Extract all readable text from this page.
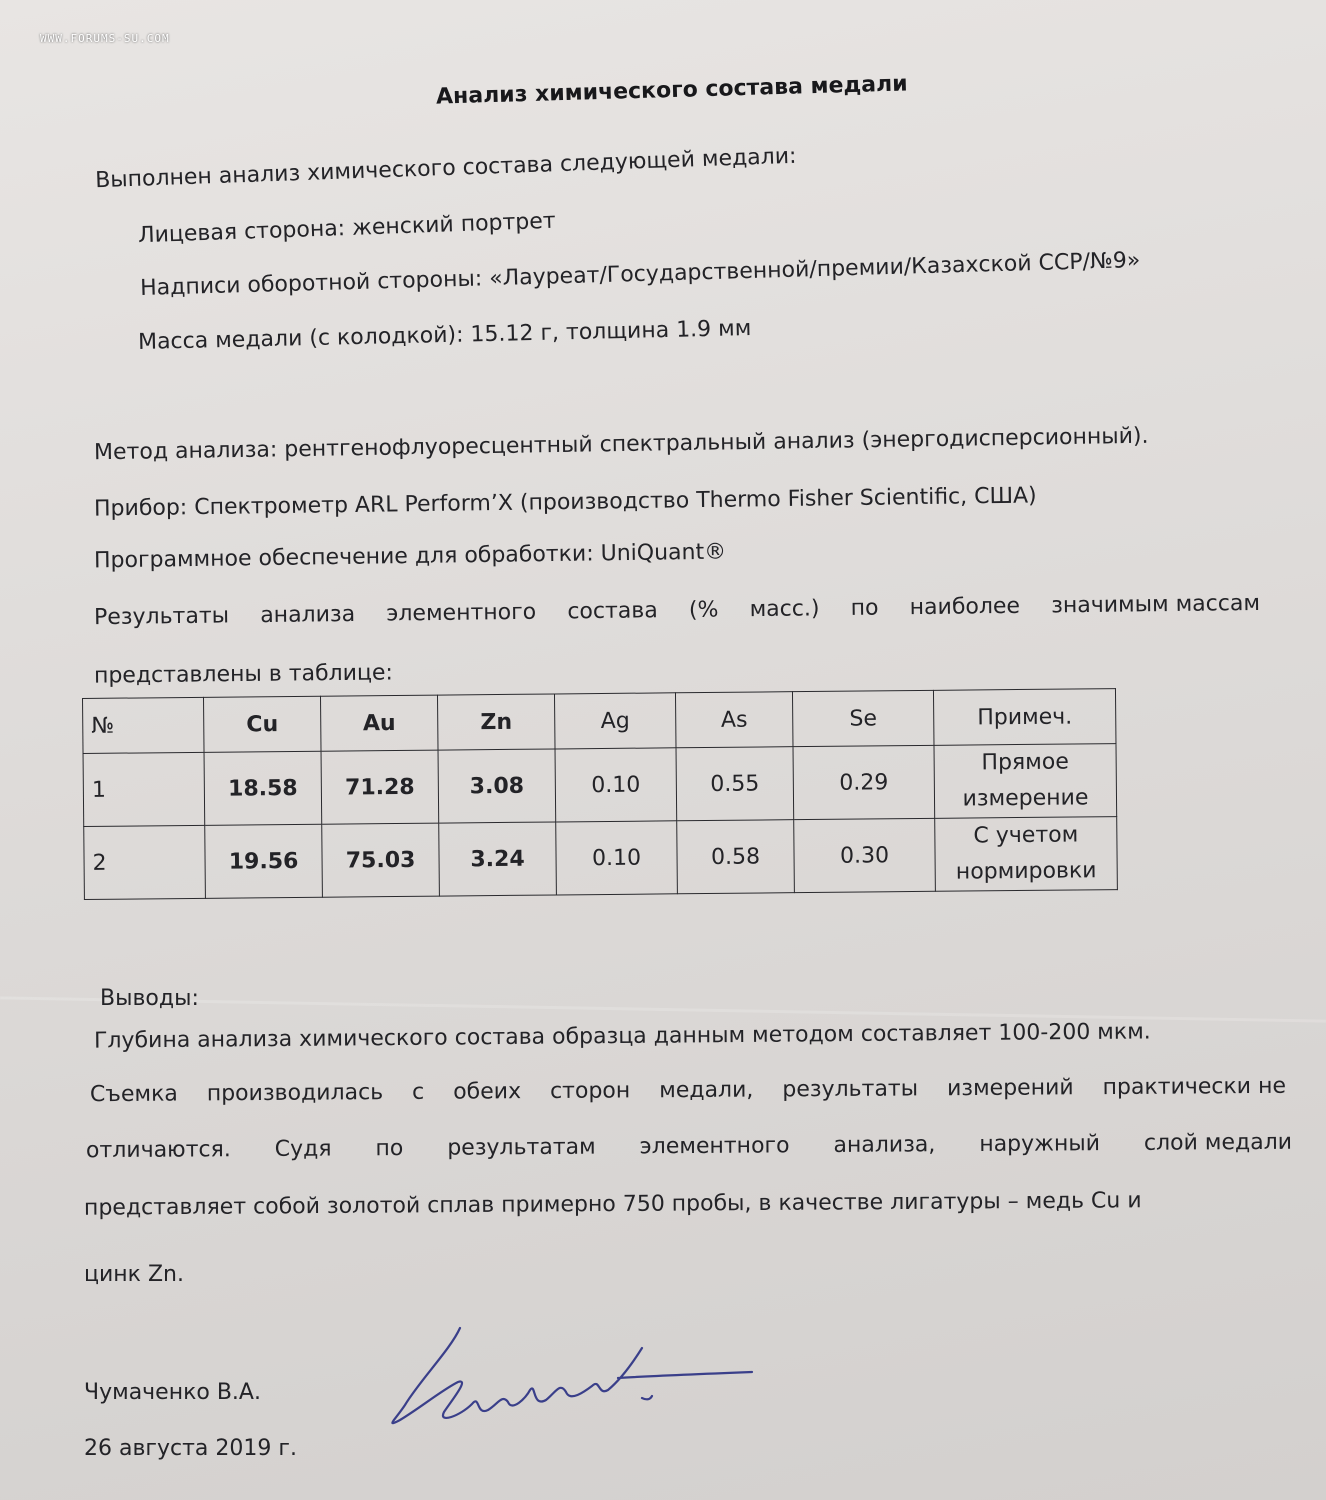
WWW.FORUMS-SU.COM
Анализ химического состава медали
Выполнен анализ химического состава следующей медали:
Лицевая сторона: женский портрет
Надписи оборотной стороны: «Лауреат/Государственной/премии/Казахской ССР/№9»
Масса медали (с колодкой): 15.12 г, толщина 1.9 мм
Метод анализа: рентгенофлуоресцентный спектральный анализ (энергодисперсионный).
Прибор: Спектрометр ARL Perform’X (производство Thermo Fisher Scientific, США)
Программное обеспечение для обработки: UniQuant®
Результаты анализа элементного состава (% масс.) по наиболее значимым массам
представлены в таблице:
№	Cu	Au	Zn	Ag	As	Se	Примеч.
1	18.58	71.28	3.08	0.10	0.55	0.29	Прямое
измерение

2	19.56	75.03	3.24	0.10	0.58	0.30	С учетом
нормировки
Выводы:
Глубина анализа химического состава образца данным методом составляет 100-200 мкм.
Съемка производилась с обеих сторон медали, результаты измерений практически не
отличаются. Судя по результатам элементного анализа, наружный слой медали
представляет собой золотой сплав примерно 750 пробы, в качестве лигатуры – медь Cu и
цинк Zn.
Чумаченко В.А.
26 августа 2019 г.
